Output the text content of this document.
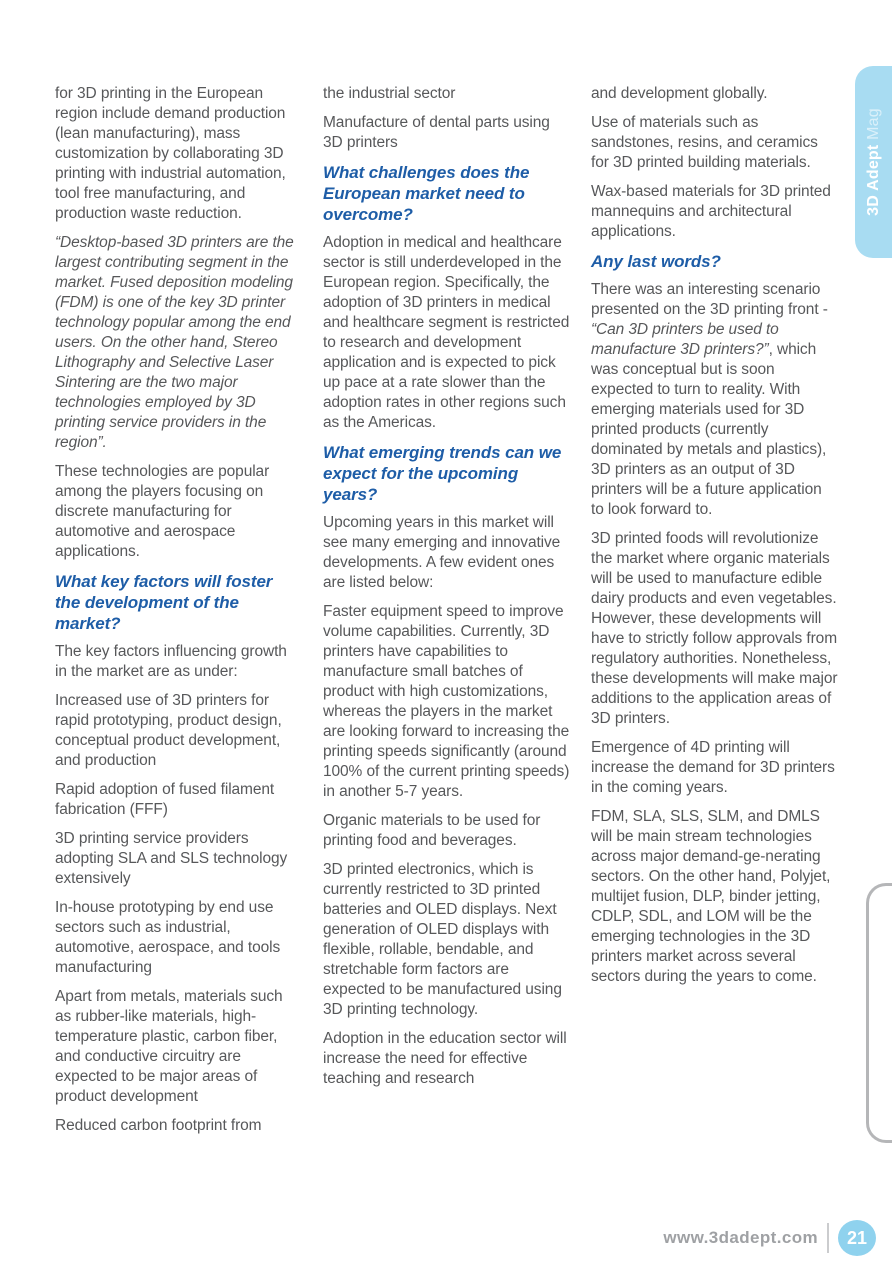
for 3D printing in the European region include demand production (lean manufacturing), mass customization by collaborating 3D printing with industrial automation, tool free manufacturing, and production waste reduction.

“Desktop-based 3D printers are the largest contributing segment in the market. Fused deposition modeling (FDM) is one of the key 3D printer technology popular among the end users. On the other hand, Stereo Lithography and Selective Laser Sintering are the two major technologies employed by 3D printing service providers in the region”.

These technologies are popular among the players focusing on discrete manufacturing for automotive and aerospace applications.

What key factors will foster the development of the market?

The key factors influencing growth in the market are as under:

Increased use of 3D printers for rapid prototyping, product design, conceptual product development, and production

Rapid adoption of fused filament fabrication (FFF)

3D printing service providers adopting SLA and SLS technology extensively

In-house prototyping by end use sectors such as industrial, automotive, aerospace, and tools manufacturing

Apart from metals, materials such as rubber-like materials, high-temperature plastic, carbon fiber, and conductive circuitry are expected to be major areas of product development

Reduced carbon footprint from

the industrial sector

Manufacture of dental parts using 3D printers

What challenges does the European market need to overcome?

Adoption in medical and healthcare sector is still underdeveloped in the European region. Specifically, the adoption of 3D printers in medical and healthcare segment is restricted to research and development application and is expected to pick up pace at a rate slower than the adoption rates in other regions such as the Americas.

What emerging trends can we expect for the upcoming years?

Upcoming years in this market will see many emerging and innovative developments. A few evident ones are listed below:

Faster equipment speed to improve volume capabilities. Currently, 3D printers have capabilities to manufacture small batches of product with high customizations, whereas the players in the market are looking forward to increasing the printing speeds significantly (around 100% of the current printing speeds) in another 5-7 years.

Organic materials to be used for printing food and beverages.

3D printed electronics, which is currently restricted to 3D printed batteries and OLED displays. Next generation of OLED displays with flexible, rollable, bendable, and stretchable form factors are expected to be manufactured using 3D printing technology.

Adoption in the education sector will increase the need for effective teaching and research

and development globally.

Use of materials such as sandstones, resins, and ceramics for 3D printed building materials.

Wax-based materials for 3D printed mannequins and architectural applications.

Any last words?

There was an interesting scenario presented on the 3D printing front - “Can 3D printers be used to manufacture 3D printers?”, which was conceptual but is soon expected to turn to reality. With emerging materials used for 3D printed products (currently dominated by metals and plastics), 3D printers as an output of 3D printers will be a future application to look forward to.

3D printed foods will revolutionize the market where organic materials will be used to manufacture edible dairy products and even vegetables. However, these developments will have to strictly follow approvals from regulatory authorities. Nonetheless, these developments will make major additions to the application areas of 3D printers.

Emergence of 4D printing will increase the demand for 3D printers in the coming years.

FDM, SLA, SLS, SLM, and DMLS will be main stream technologies across major demand-ge-nerating sectors. On the other hand, Polyjet, multijet fusion, DLP, binder jetting, CDLP, SDL, and LOM will be the emerging technologies in the 3D printers market across several sectors during the years to come.

3D Adept Mag
www.3dadept.com	21
